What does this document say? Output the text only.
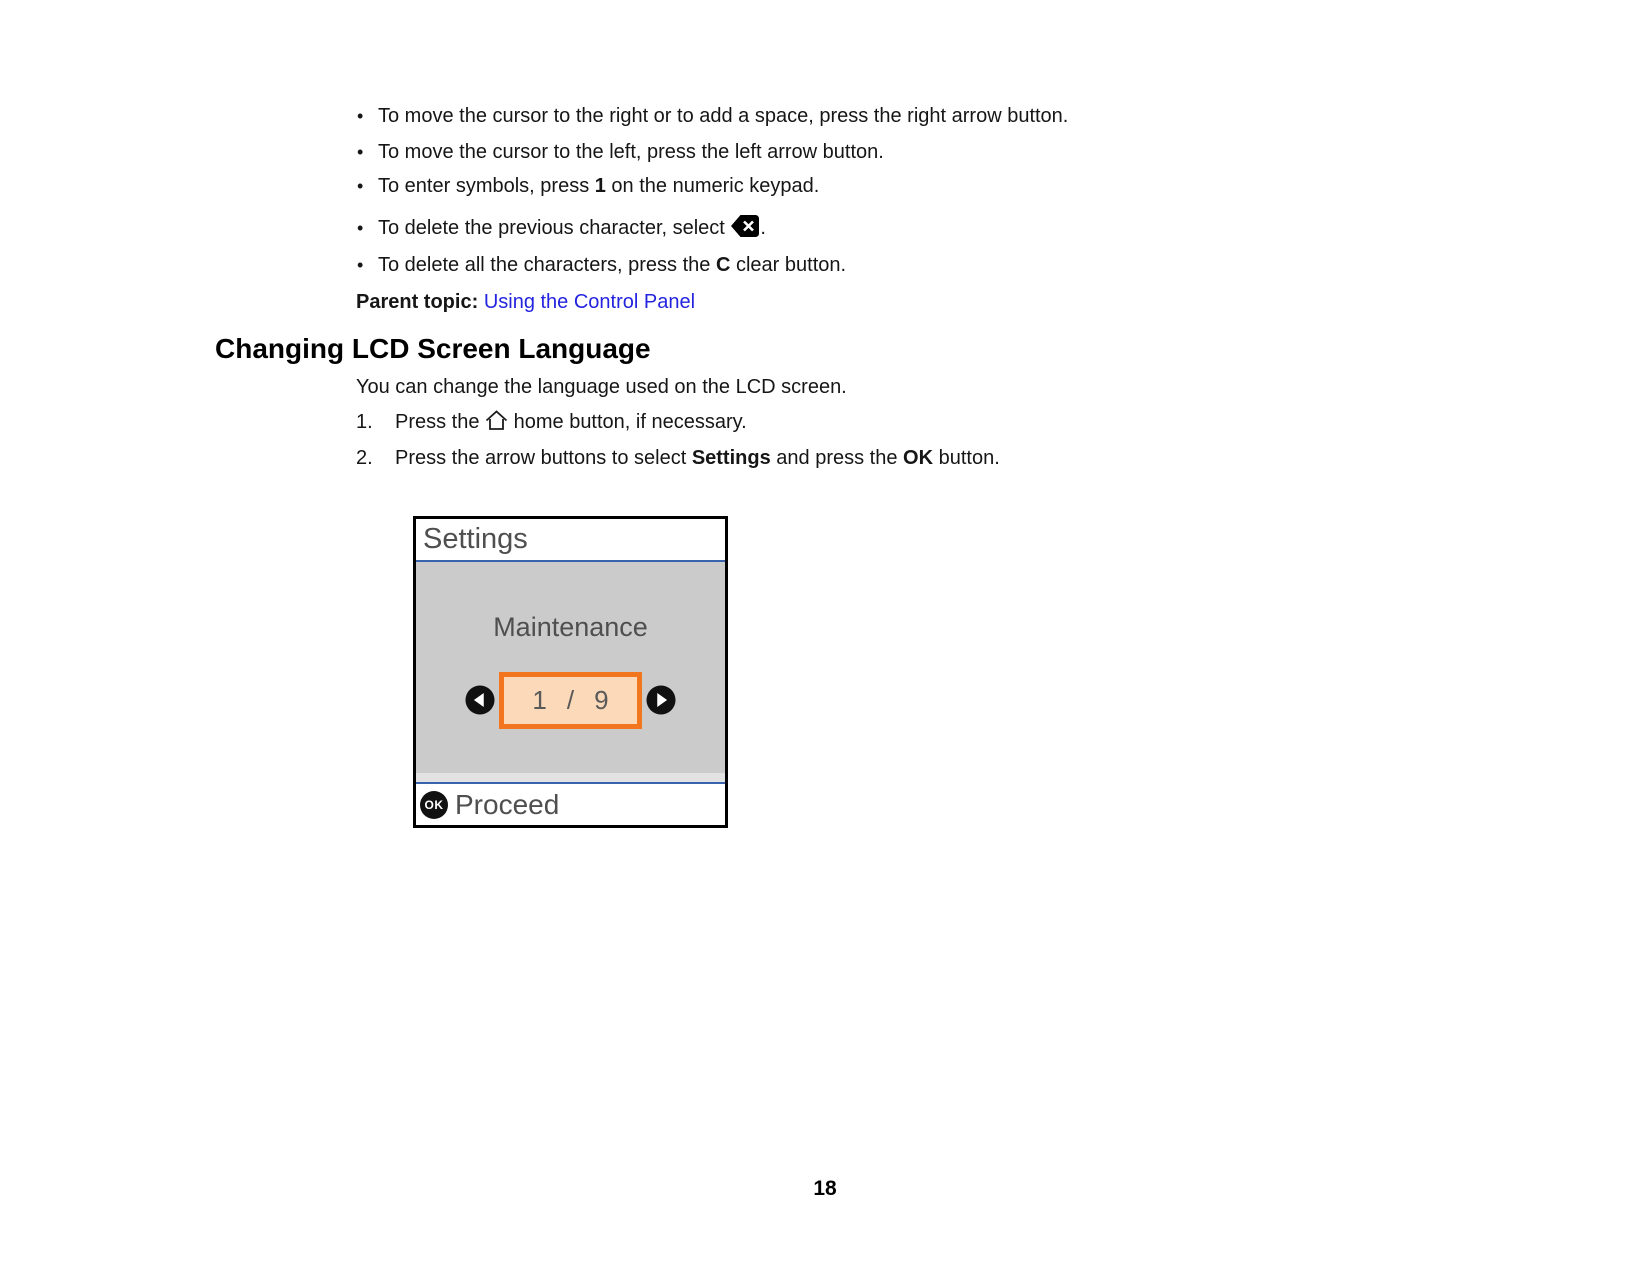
• To move the cursor to the right or to add a space, press the right arrow button.
• To move the cursor to the left, press the left arrow button.
• To enter symbols, press 1 on the numeric keypad.
• To delete the previous character, select .
• To delete all the characters, press the C clear button.
Parent topic: Using the Control Panel
Changing LCD Screen Language
You can change the language used on the LCD screen.
1. Press the  home button, if necessary.
2. Press the arrow buttons to select Settings and press the OK button.
Settings
Maintenance
1 / 9
OK Proceed
18
